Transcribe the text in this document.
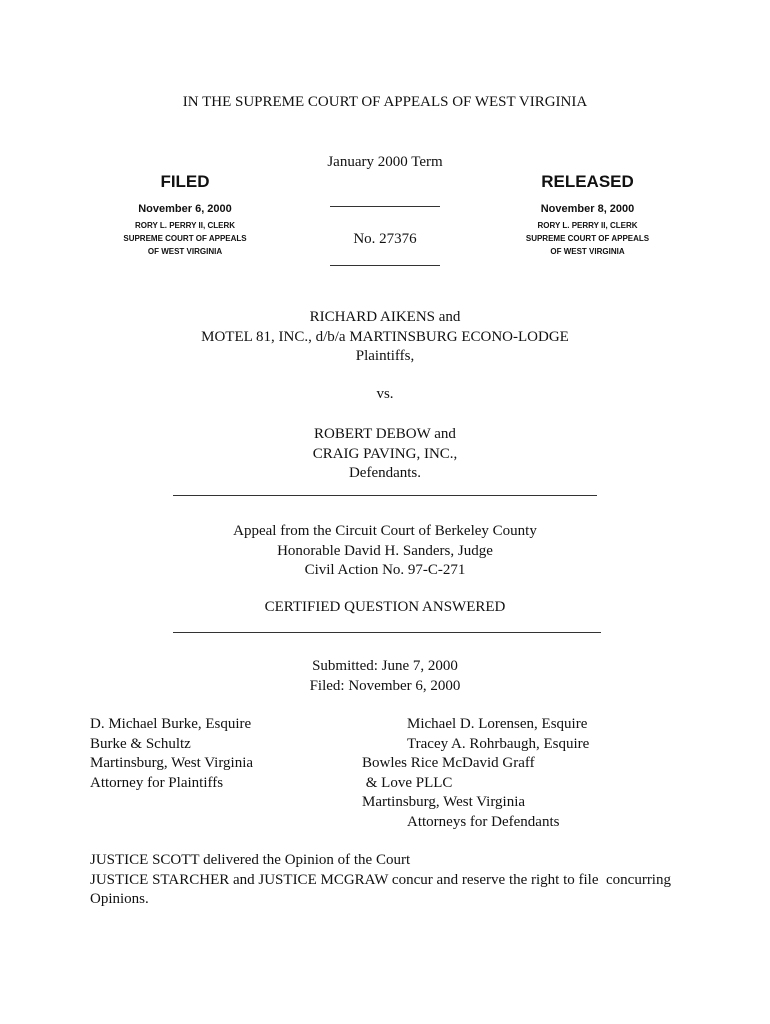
IN THE SUPREME COURT OF APPEALS OF WEST VIRGINIA
January 2000 Term
FILED
November 6, 2000
RORY L. PERRY II, CLERK
SUPREME COURT OF APPEALS
OF WEST VIRGINIA
RELEASED
November 8, 2000
RORY L. PERRY II, CLERK
SUPREME COURT OF APPEALS
OF WEST VIRGINIA
No. 27376
RICHARD AIKENS and
MOTEL 81, INC., d/b/a MARTINSBURG ECONO-LODGE
Plaintiffs,
vs.
ROBERT DEBOW and
CRAIG PAVING, INC.,
Defendants.
Appeal from the Circuit Court of Berkeley County
Honorable David H. Sanders, Judge
Civil Action No. 97-C-271
CERTIFIED QUESTION ANSWERED
Submitted: June 7, 2000
Filed: November 6, 2000
D. Michael Burke, Esquire
Burke & Schultz
Martinsburg, West Virginia
Attorney for Plaintiffs
Michael D. Lorensen, Esquire
Tracey A. Rohrbaugh, Esquire
Bowles Rice McDavid Graff
& Love PLLC
Martinsburg, West Virginia
Attorneys for Defendants
JUSTICE SCOTT delivered the Opinion of the Court
JUSTICE STARCHER and JUSTICE MCGRAW concur and reserve the right to file  concurring
Opinions.
